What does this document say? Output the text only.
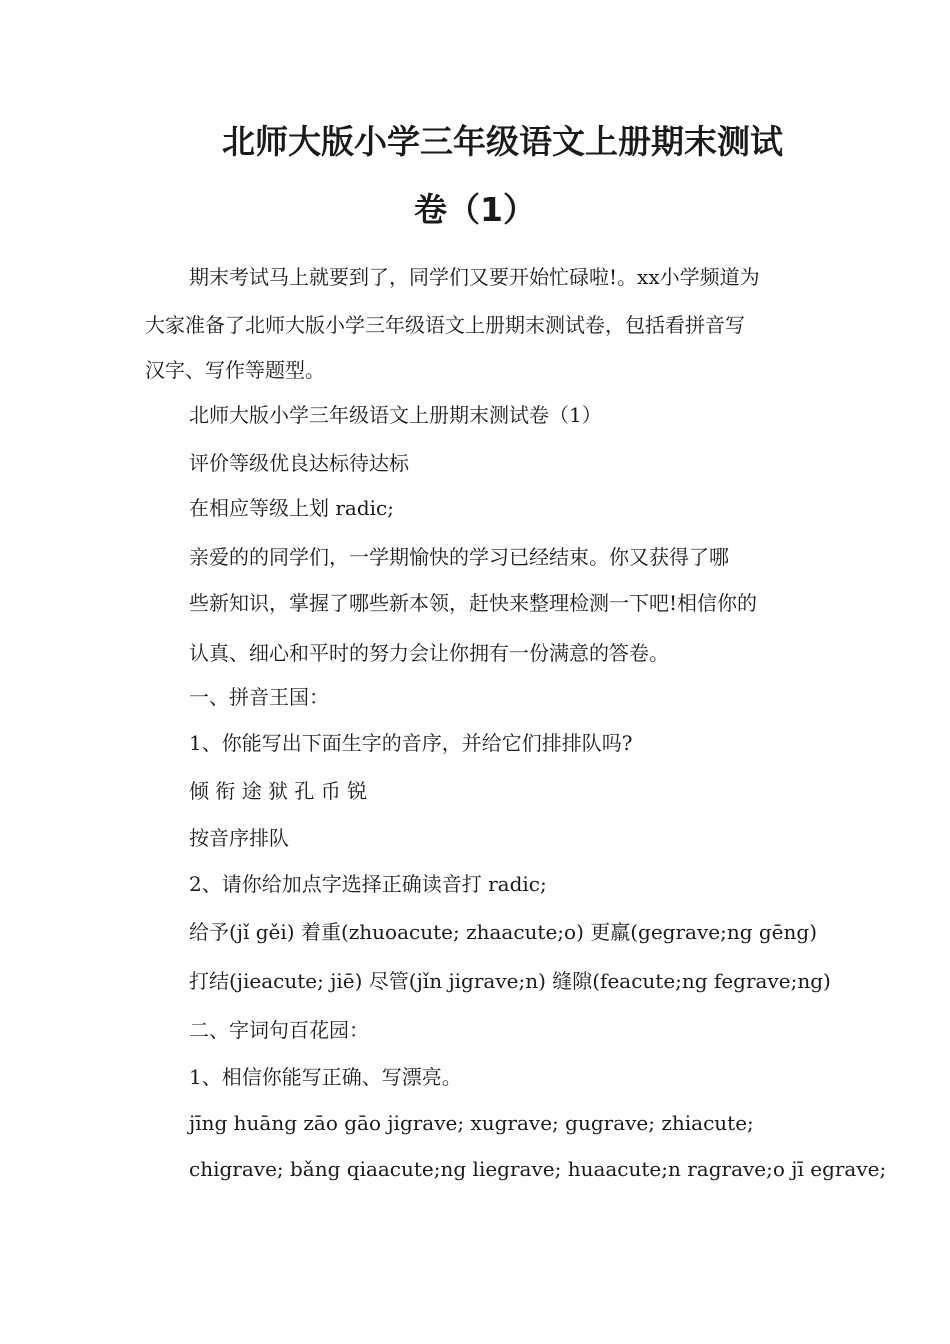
北师大版小学三年级语文上册期末测试
卷（1）
期末考试马上就要到了，同学们又要开始忙碌啦!。xx小学频道为
大家准备了北师大版小学三年级语文上册期末测试卷，包括看拼音写
汉字、写作等题型。
北师大版小学三年级语文上册期末测试卷（1）
评价等级优良达标待达标
在相应等级上划 radic;
亲爱的的同学们，一学期愉快的学习已经结束。你又获得了哪
些新知识，掌握了哪些新本领，赶快来整理检测一下吧!相信你的
认真、细心和平时的努力会让你拥有一份满意的答卷。
一、拼音王国：
1、你能写出下面生字的音序，并给它们排排队吗?
倾 衔 途 狱 孔 币 锐
按音序排队
2、请你给加点字选择正确读音打 radic;
给予(jǐ gěi) 着重(zhuoacute; zhaacute;o) 更羸(gegrave;ng gēng)
打结(jieacute; jiē) 尽管(jǐn jigrave;n) 缝隙(feacute;ng fegrave;ng)
二、字词句百花园：
1、相信你能写正确、写漂亮。
jīng huāng zāo gāo jigrave; xugrave; gugrave; zhiacute;
chigrave; bǎng qiaacute;ng liegrave; huaacute;n ragrave;o jī egrave;
